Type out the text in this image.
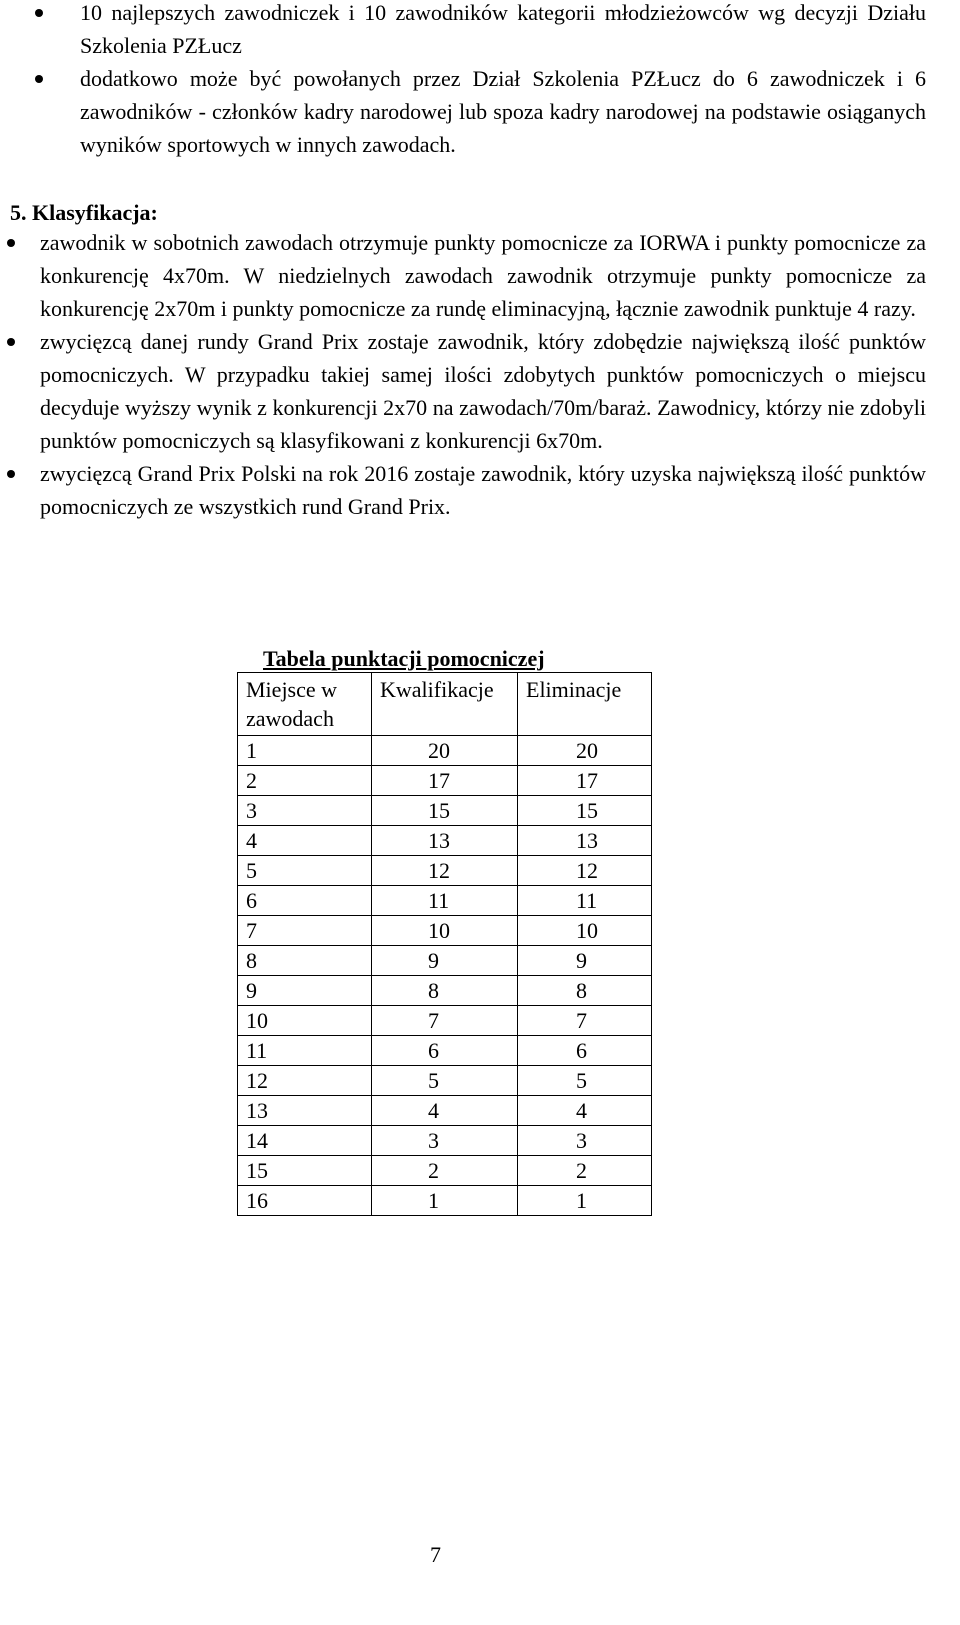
10 najlepszych zawodniczek i 10 zawodników kategorii młodzieżowców wg decyzji Działu Szkolenia PZŁucz
dodatkowo może być powołanych przez Dział Szkolenia PZŁucz do 6 zawodniczek i 6 zawodników - członków kadry narodowej lub spoza kadry narodowej na podstawie osiąganych wyników sportowych w innych zawodach.

5. Klasyfikacja:

zawodnik w sobotnich zawodach otrzymuje punkty pomocnicze za IORWA i punkty pomocnicze za konkurencję 4x70m. W niedzielnych zawodach zawodnik otrzymuje punkty pomocnicze za konkurencję 2x70m i punkty pomocnicze za rundę eliminacyjną, łącznie zawodnik punktuje 4 razy.
zwycięzcą danej rundy Grand Prix zostaje zawodnik, który zdobędzie największą ilość punktów pomocniczych. W przypadku takiej samej ilości zdobytych punktów pomocniczych o miejscu decyduje wyższy wynik z konkurencji 2x70 na zawodach/70m/baraż. Zawodnicy, którzy nie zdobyli punktów pomocniczych są klasyfikowani z konkurencji 6x70m.
zwycięzcą Grand Prix Polski na rok 2016 zostaje zawodnik, który uzyska największą ilość punktów pomocniczych ze wszystkich rund Grand Prix.

Tabela punktacji pomocniczej

Miejsce w zawodach	Kwalifikacje	Eliminacje
1	20	20
2	17	17
3	15	15
4	13	13
5	12	12
6	11	11
7	10	10
8	9	9
9	8	8
10	7	7
11	6	6
12	5	5
13	4	4
14	3	3
15	2	2
16	1	1
7
